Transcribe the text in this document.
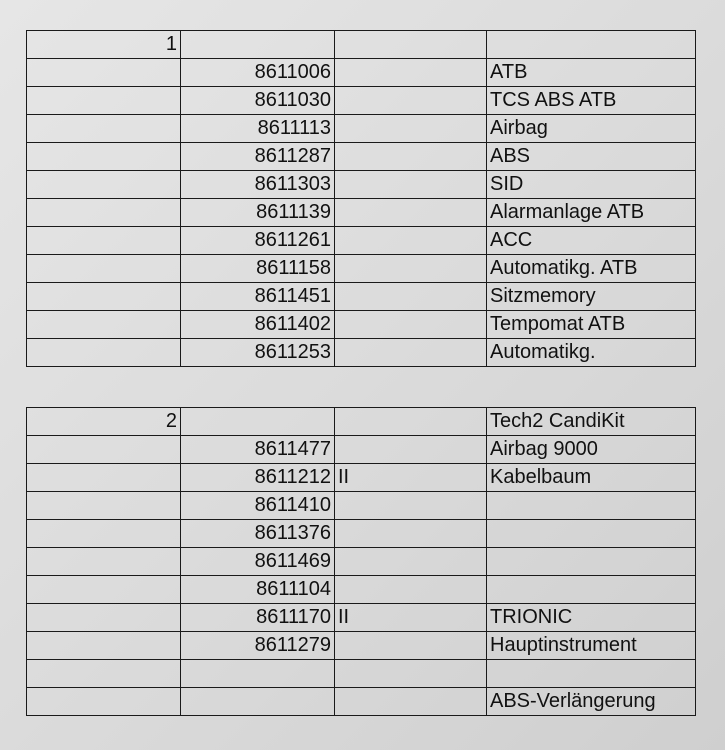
1			
	8611006		ATB
	8611030		TCS ABS ATB
	8611113		Airbag
	8611287		ABS
	8611303		SID
	8611139		Alarmanlage ATB
	8611261		ACC
	8611158		Automatikg. ATB
	8611451		Sitzmemory
	8611402		Tempomat ATB
	8611253		Automatikg.
2			Tech2 CandiKit
	8611477		Airbag 9000
	8611212	II	Kabelbaum
	8611410		
	8611376		
	8611469		
	8611104		
	8611170	II	TRIONIC
	8611279		Hauptinstrument

			ABS-Verlängerung
